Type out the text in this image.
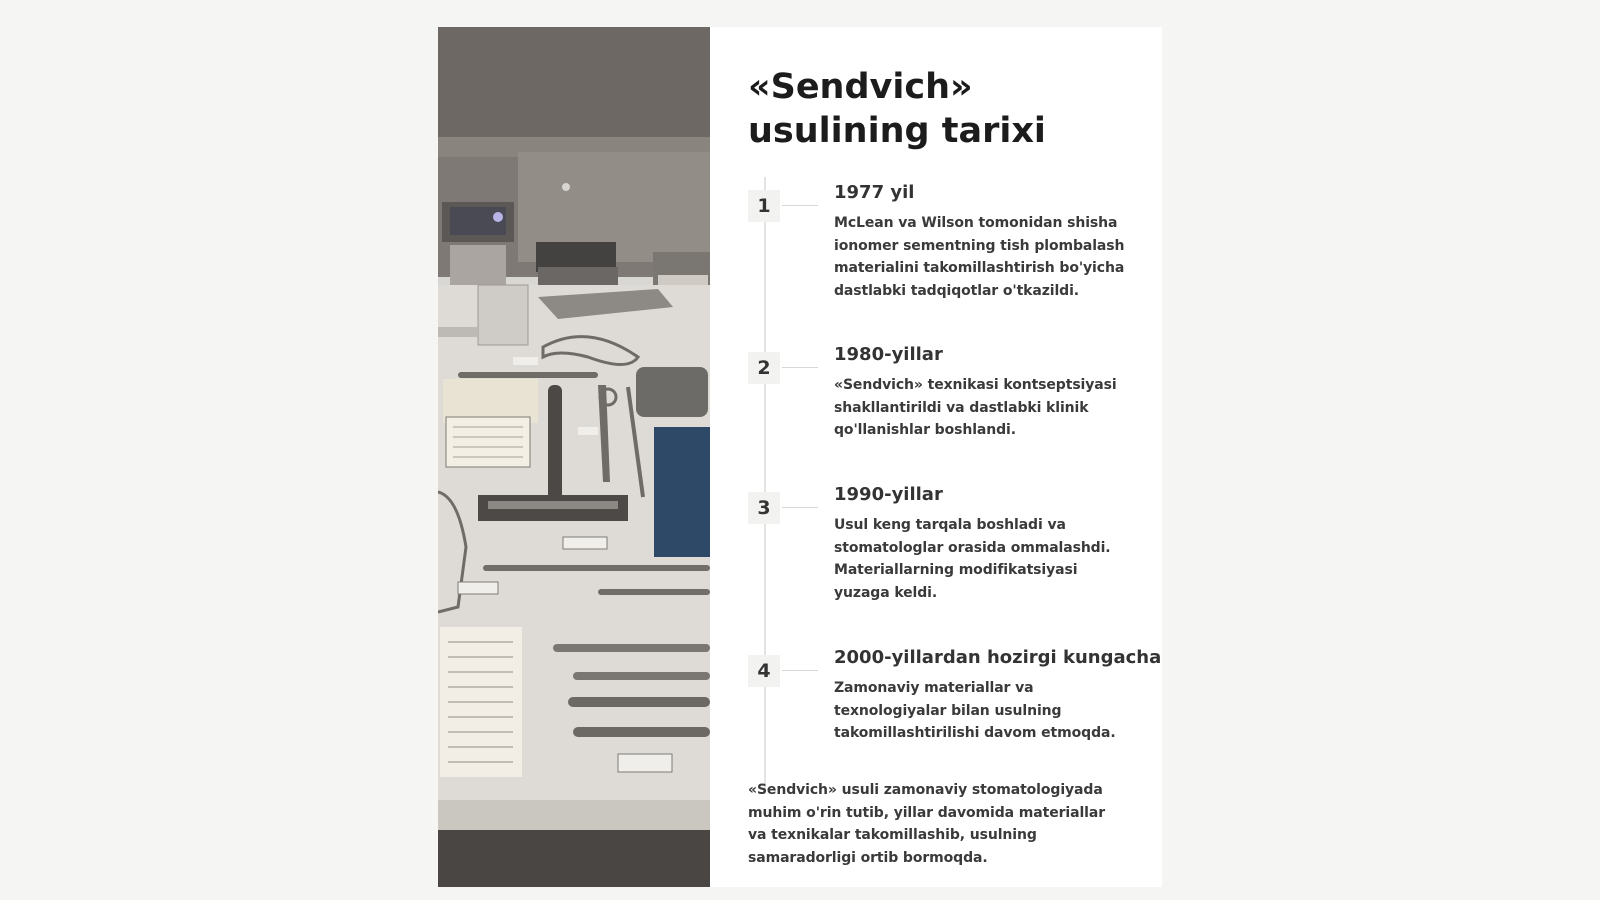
«Sendvich» usulining tarixi
1
1977 yil
McLean va Wilson tomonidan shisha ionomer sementning tish plombalash materialini takomillashtirish bo'yicha dastlabki tadqiqotlar o'tkazildi.
2
1980-yillar
«Sendvich» texnikasi kontseptsiyasi shakllantirildi va dastlabki klinik qo'llanishlar boshlandi.
3
1990-yillar
Usul keng tarqala boshladi va stomatologlar orasida ommalashdi. Materiallarning modifikatsiyasi yuzaga keldi.
4
2000-yillardan hozirgi kungacha
Zamonaviy materiallar va texnologiyalar bilan usulning takomillashtirilishi davom etmoqda.
«Sendvich» usuli zamonaviy stomatologiyada muhim o'rin tutib, yillar davomida materiallar va texnikalar takomillashib, usulning samaradorligi ortib bormoqda.
